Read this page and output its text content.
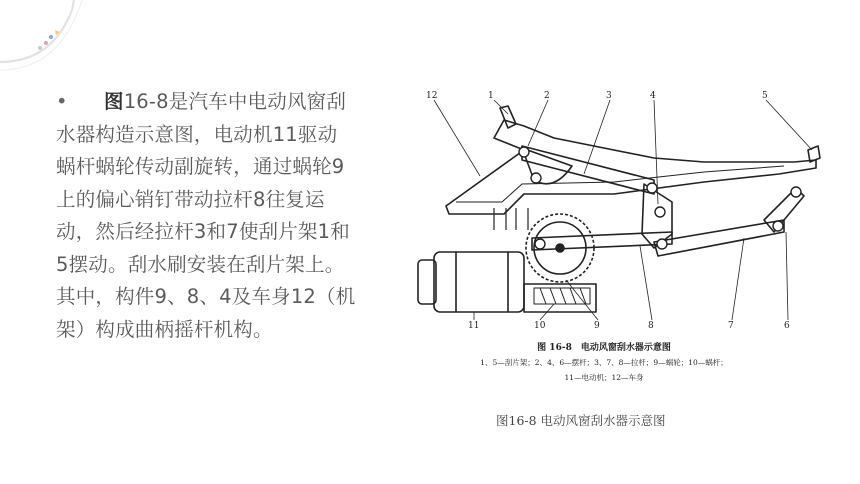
• 图16-8是汽车中电动风窗刮水器构造示意图，电动机11驱动蜗杆蜗轮传动副旋转，通过蜗轮9上的偏心销钉带动拉杆8往复运动，然后经拉杆3和7使刮片架1和5摆动。刮水刷安装在刮片架上。其中，构件9、8、4及车身12（机架）构成曲柄摇杆机构。
12	1	2	3	4	5
11	10	9	8	7	6
图 16-8　电动风窗刮水器示意图
1、5—刮片架；2、4、6—摆杆；3、7、8—拉杆；9—蜗轮；10—蜗杆；
11—电动机；12—车身
图16-8 电动风窗刮水器示意图
